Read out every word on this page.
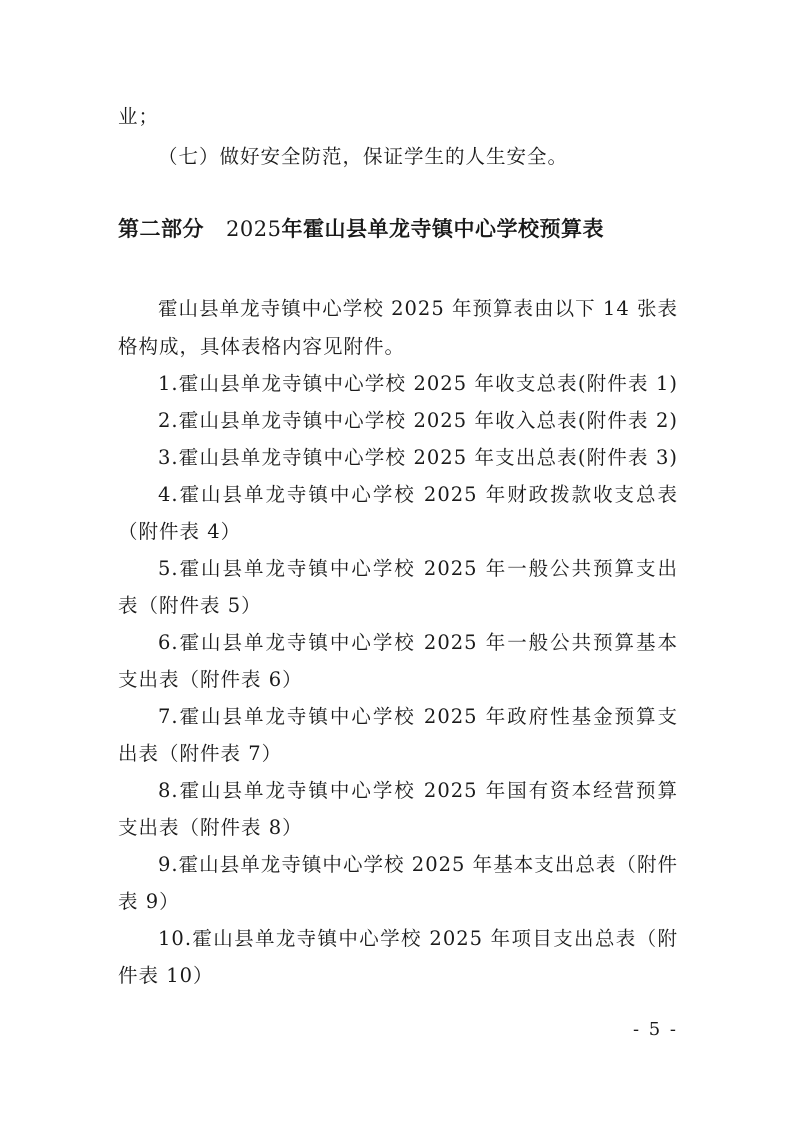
业；
（七）做好安全防范，保证学生的人生安全。
第二部分 2025年霍山县单龙寺镇中心学校预算表
霍山县单龙寺镇中心学校 2025 年预算表由以下 14 张表
格构成，具体表格内容见附件。
1.霍山县单龙寺镇中心学校 2025 年收支总表(附件表 1)
2.霍山县单龙寺镇中心学校 2025 年收入总表(附件表 2)
3.霍山县单龙寺镇中心学校 2025 年支出总表(附件表 3)
4.霍山县单龙寺镇中心学校 2025 年财政拨款收支总表
（附件表 4）
5.霍山县单龙寺镇中心学校 2025 年一般公共预算支出
表（附件表 5）
6.霍山县单龙寺镇中心学校 2025 年一般公共预算基本
支出表（附件表 6）
7.霍山县单龙寺镇中心学校 2025 年政府性基金预算支
出表（附件表 7）
8.霍山县单龙寺镇中心学校 2025 年国有资本经营预算
支出表（附件表 8）
9.霍山县单龙寺镇中心学校 2025 年基本支出总表（附件
表 9）
10.霍山县单龙寺镇中心学校 2025 年项目支出总表（附
件表 10）
- 5 -
